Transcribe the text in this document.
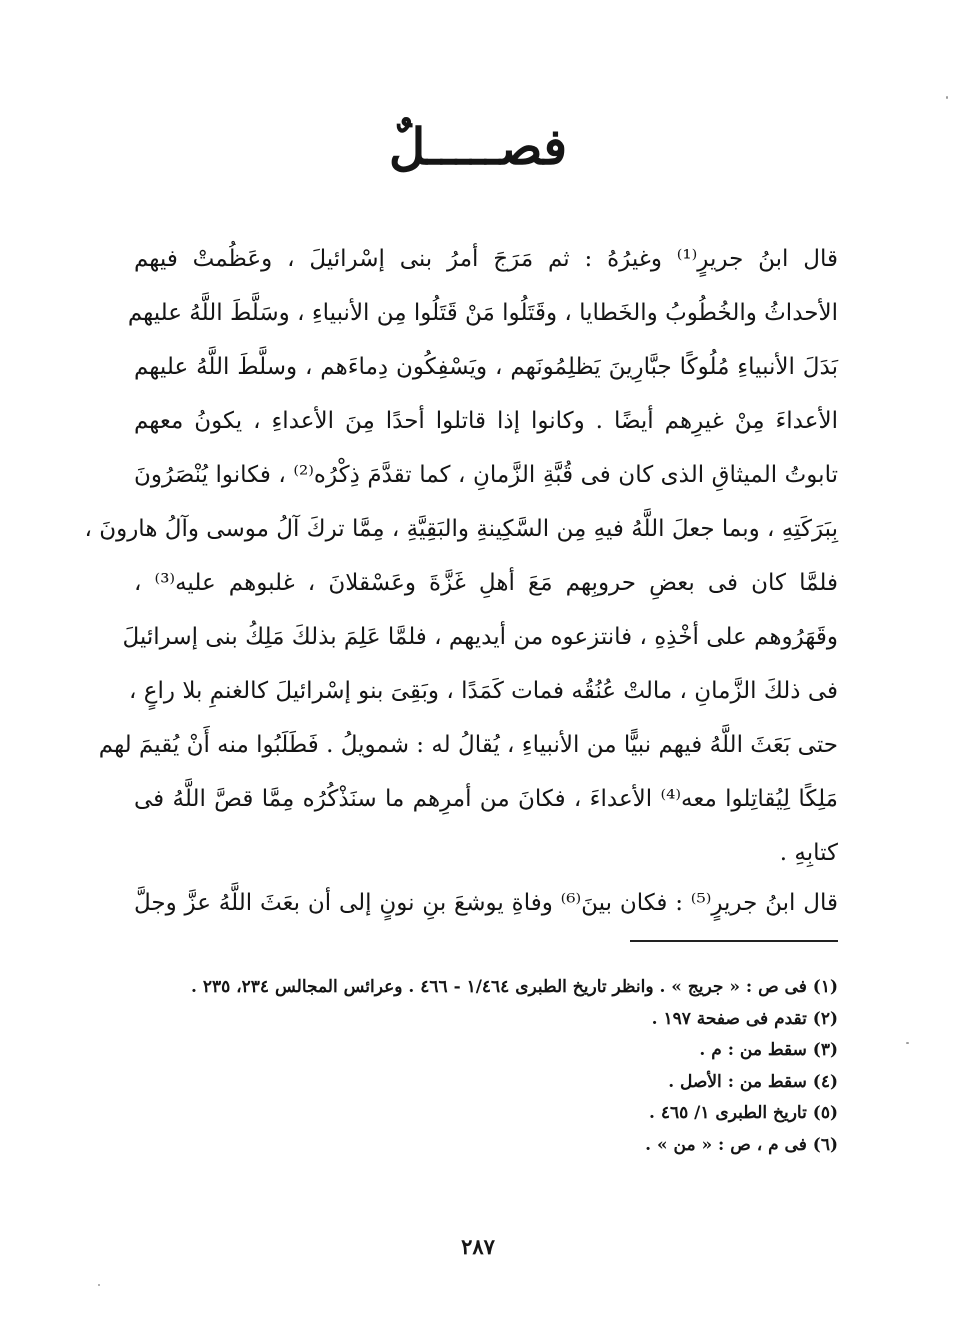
فصـــــلٌ
قال ابنُ جريرٍ⁽¹⁾ وغيرُهُ : ثم مَرَجَ أمرُ بنى إسْرائيلَ ، وعَظُمتْ فيهم
الأحداثُ والخُطُوبُ والخَطايا ، وقَتَلُوا مَنْ قَتَلُوا مِن الأنبياءِ ، وسَلَّطَ اللَّهُ عليهم
بَدَلَ الأنبياءِ مُلُوكًا جبَّارِينَ يَظلِمُونَهم ، ويَسْفِكُون دِماءَهم ، وسلَّطَ اللَّهُ عليهم
الأعداءَ مِنْ غيرِهم أيضًا . وكانوا إذا قاتلوا أحدًا مِنَ الأعداءِ ، يكونُ معهم
تابوتُ الميثاقِ الذى كان فى قُبَّةِ الزَّمانِ ، كما تقدَّمَ ذِكْرُه⁽²⁾ ، فكانوا يُنْصَرُونَ
بِبَرَكَتِهِ ، وبما جعلَ اللَّهُ فيهِ مِن السَّكِينةِ والبَقِيَّةِ ، مِمَّا تركَ آلُ موسى وآلُ هارونَ ،
فلمَّا كان فى بعضِ حروبِهم مَعَ أهلِ غَزَّةَ وعَسْقلانَ ، غلبوهم عليه⁽³⁾ ،
وقَهَرُوهم على أخْذِهِ ، فانتزعوه من أيديهم ، فلمَّا عَلِمَ بذلكَ مَلِكُ بنى إسرائيلَ
فى ذلكَ الزَّمانِ ، مالتْ عُنُقُه فمات كَمَدًا ، وبَقِىَ بنو إسْرائيلَ كالغنمِ بلا راعٍ ،
حتى بَعَثَ اللَّهُ فيهم نبيًّا من الأنبياءِ ، يُقالُ له : شمويلُ . فَطَلَبُوا منه أَنْ يُقيمَ لهم
مَلِكًا لِيُقاتِلوا معه⁽⁴⁾ الأعداءَ ، فكانَ من أمرِهم ما سنَذْكُرُه مِمَّا قصَّ اللَّهُ فى
كتابِهِ .
قال ابنُ جريرٍ⁽⁵⁾ : فكان بينَ⁽⁶⁾ وفاةِ يوشعَ بنِ نونٍ إلى أن بعَثَ اللَّهُ عزَّ وجلَّ
(١) فى ص : « جريج » . وانظر تاريخ الطبرى ١/٤٦٤ - ٤٦٦ . وعرائس المجالس ٢٣٤، ٢٣٥ .
(٢) تقدم فى صفحة ١٩٧ .
(٣) سقط من : م .
(٤) سقط من : الأصل .
(٥) تاريخ الطبرى ١/ ٤٦٥ .
(٦) فى م ، ص : « من » .
٢٨٧
